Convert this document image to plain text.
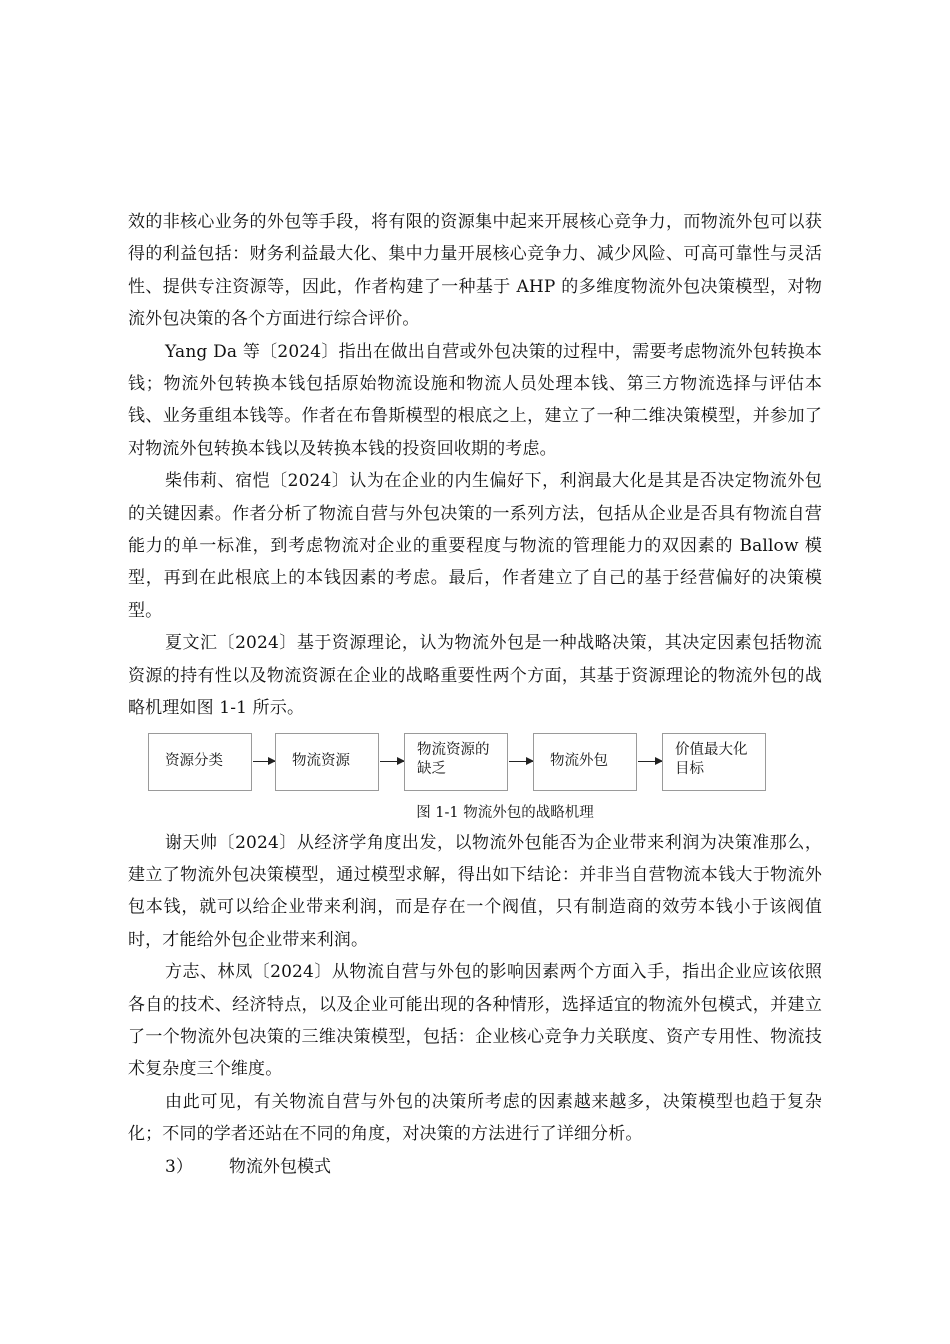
效的非核心业务的外包等手段，将有限的资源集中起来开展核心竞争力，而物流外包可以获得的利益包括：财务利益最大化、集中力量开展核心竞争力、减少风险、可高可靠性与灵活性、提供专注资源等，因此，作者构建了一种基于 AHP 的多维度物流外包决策模型，对物流外包决策的各个方面进行综合评价。

Yang Da 等〔2024〕指出在做出自营或外包决策的过程中，需要考虑物流外包转换本钱；物流外包转换本钱包括原始物流设施和物流人员处理本钱、第三方物流选择与评估本钱、业务重组本钱等。作者在布鲁斯模型的根底之上，建立了一种二维决策模型，并参加了对物流外包转换本钱以及转换本钱的投资回收期的考虑。

柴伟莉、宿恺〔2024〕认为在企业的内生偏好下，利润最大化是其是否决定物流外包的关键因素。作者分析了物流自营与外包决策的一系列方法，包括从企业是否具有物流自营能力的单一标准，到考虑物流对企业的重要程度与物流的管理能力的双因素的 Ballow 模型，再到在此根底上的本钱因素的考虑。最后，作者建立了自己的基于经营偏好的决策模型。

夏文汇〔2024〕基于资源理论，认为物流外包是一种战略决策，其决定因素包括物流资源的持有性以及物流资源在企业的战略重要性两个方面，其基于资源理论的物流外包的战略机理如图 1-1 所示。

资源分类	物流资源
物流资源的缺乏	物流外包
价值最大化目标
图 1-1 物流外包的战略机理

谢天帅〔2024〕从经济学角度出发，以物流外包能否为企业带来利润为决策准那么，建立了物流外包决策模型，通过模型求解，得出如下结论：并非当自营物流本钱大于物流外包本钱，就可以给企业带来利润，而是存在一个阀值，只有制造商的效劳本钱小于该阀值时，才能给外包企业带来利润。

方志、林凤〔2024〕从物流自营与外包的影响因素两个方面入手，指出企业应该依照各自的技术、经济特点，以及企业可能出现的各种情形，选择适宜的物流外包模式，并建立了一个物流外包决策的三维决策模型，包括：企业核心竞争力关联度、资产专用性、物流技术复杂度三个维度。

由此可见，有关物流自营与外包的决策所考虑的因素越来越多，决策模型也趋于复杂化；不同的学者还站在不同的角度，对决策的方法进行了详细分析。

3） 物流外包模式
